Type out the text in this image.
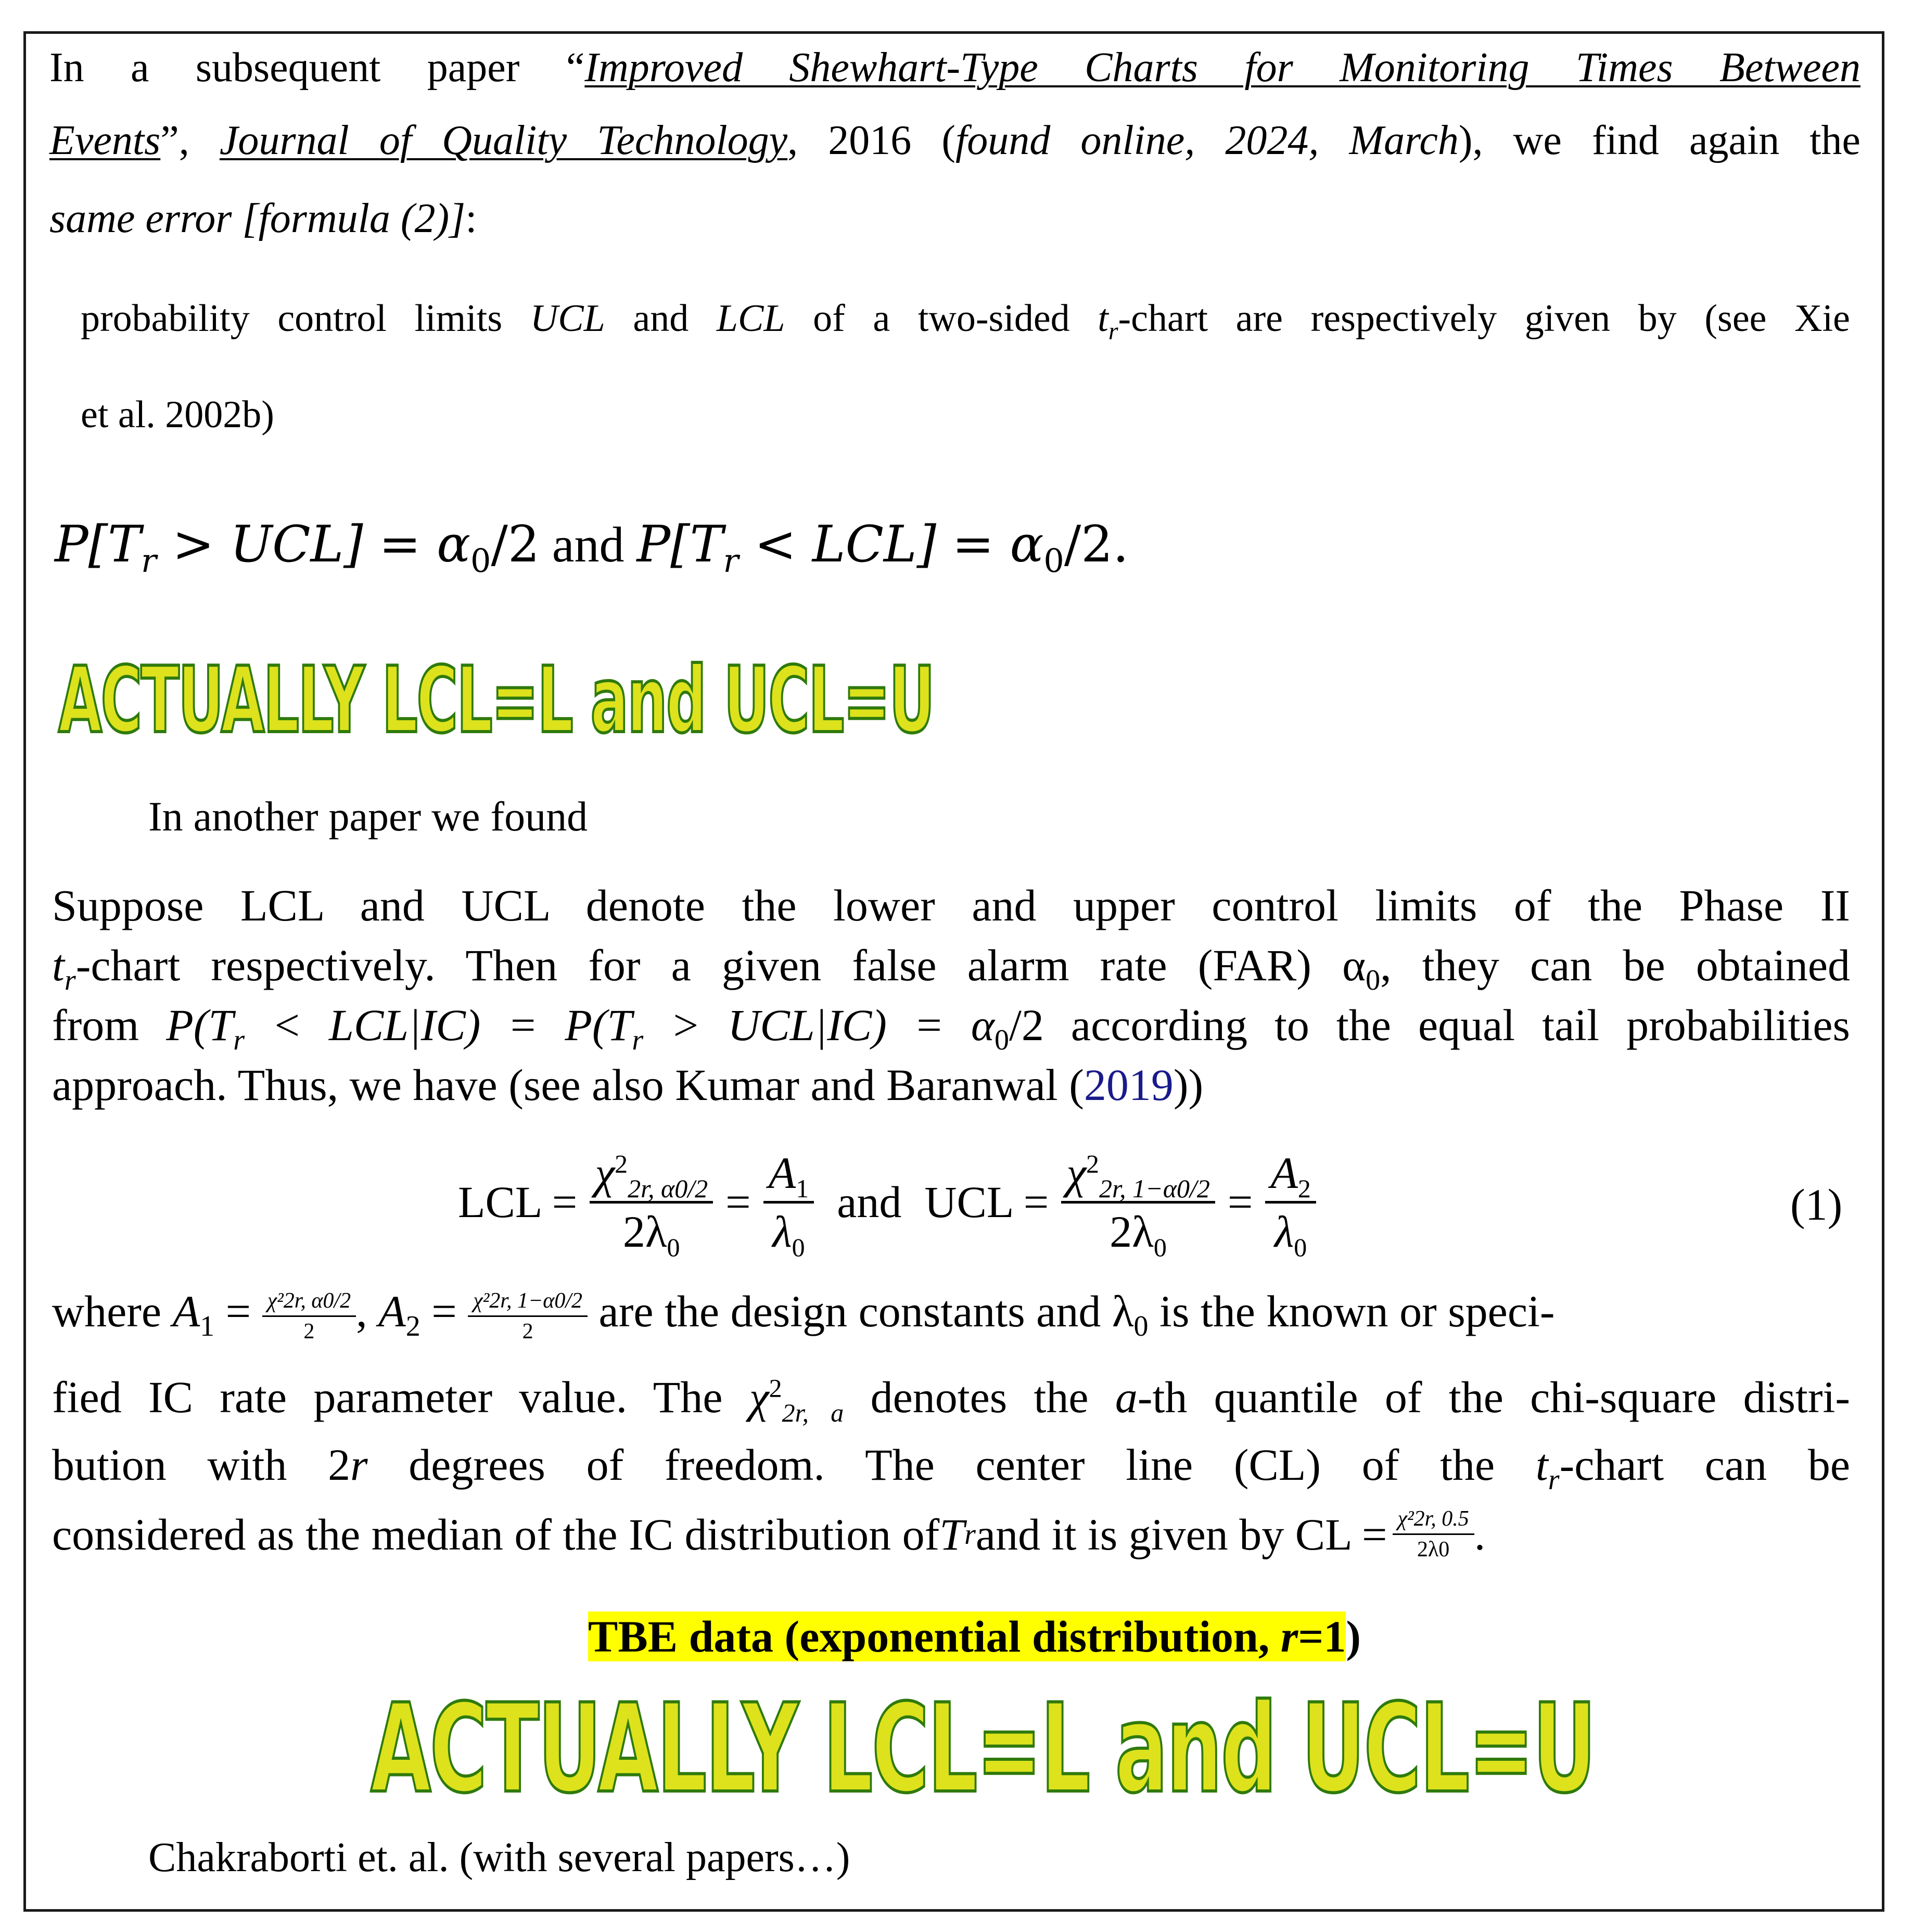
In a subsequent paper “Improved Shewhart-Type Charts for Monitoring Times Between
Events”, Journal of Quality Technology, 2016 (found online, 2024, March), we find again the
same error [formula (2)]:
probability control limits UCL and LCL of a two-sided $t_r$-chart are respectively given by (see Xie
et al. 2002b)
$P[T_r > UCL] = \alpha_0/2$ and $P[T_r < LCL] = \alpha_0/2$.
ACTUALLY LCL=L and UCL=U
In another paper we found
Suppose LCL and UCL denote the lower and upper control limits of the Phase II
$t_r$-chart respectively. Then for a given false alarm rate (FAR) $\alpha_0$, they can be obtained
from $P(T_r < LCL|IC) = P(T_r > UCL|IC) = \alpha_0/2$ according to the equal tail probabilities
approach. Thus, we have (see also Kumar and Baranwal (2019))
LCL = $\frac{\chi^2_{2r, \alpha 0/2}}{2\lambda_0} = \frac{A_1}{\lambda_0}$ and UCL = $\frac{\chi^2_{2r, 1-\alpha 0/2}}{2\lambda_0} = \frac{A_2}{\lambda_0}$	(1)
where $A_1 = \frac{\text{χ²2r, α0/2}}{2}$ , $A_2 = \frac{\text{χ²2r, 1−α0/2}}{2}$ are the design constants and $\lambda_0$ is the known or speci-
fied IC rate parameter value. The $\chi^2_{2r, a}$ denotes the a-th quantile of the chi-square distri-
bution with 2r degrees of freedom. The center line (CL) of the $t_r$-chart can be
considered as the median of the IC distribution of T r and it is given by CL = $\frac{\text{χ²2r, 0.5}}{2\lambda 0}$ .
TBE data (exponential distribution, r=1)
ACTUALLY LCL=L and UCL=U
Chakraborti et. al. (with several papers…)
